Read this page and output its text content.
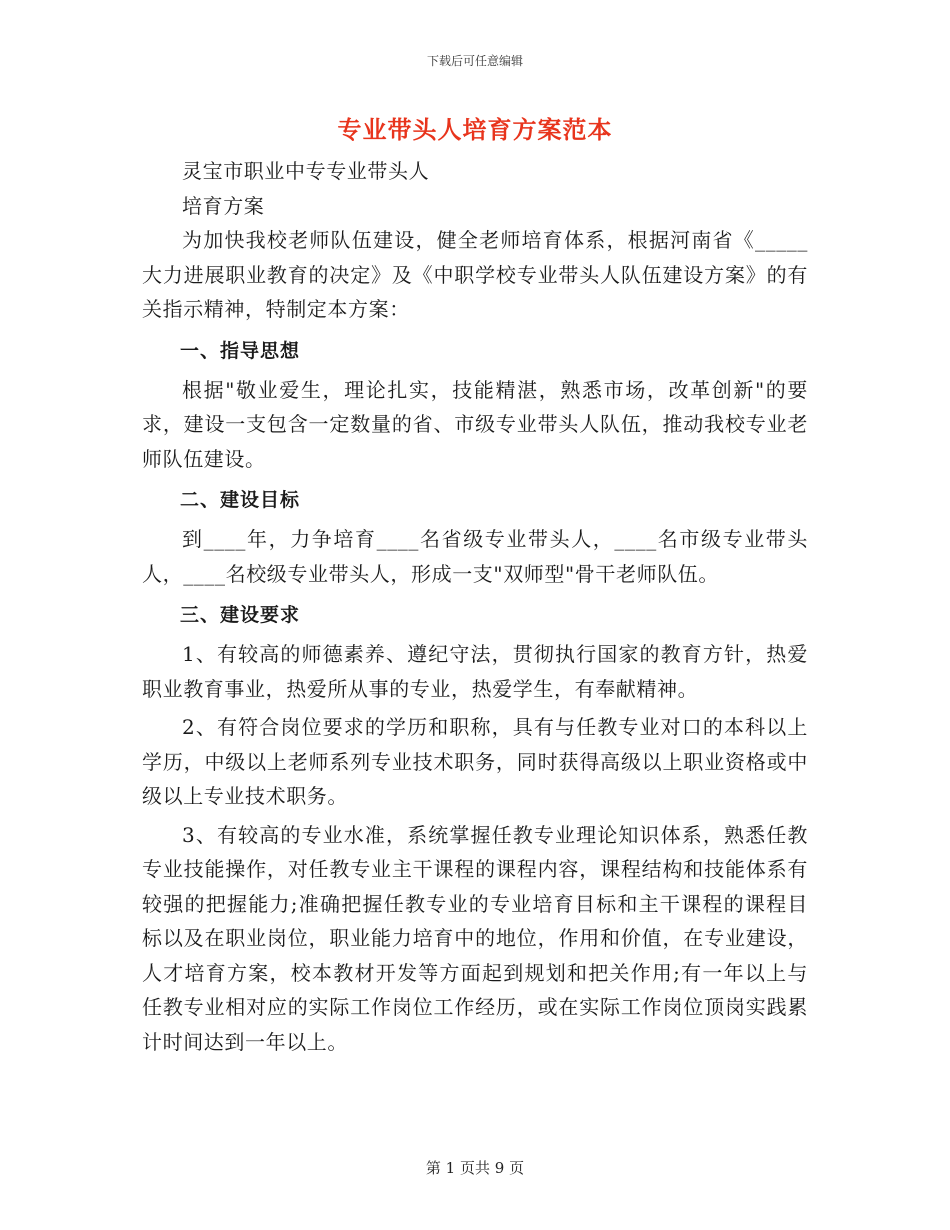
下载后可任意编辑
专业带头人培育方案范本

灵宝市职业中专专业带头人

培育方案

为加快我校老师队伍建设，健全老师培育体系，根据河南省《_____大力进展职业教育的决定》及《中职学校专业带头人队伍建设方案》的有关指示精神，特制定本方案：

一、指导思想

根据"敬业爱生，理论扎实，技能精湛，熟悉市场，改革创新"的要求，建设一支包含一定数量的省、市级专业带头人队伍，推动我校专业老师队伍建设。

二、建设目标

到____年，力争培育____名省级专业带头人，____名市级专业带头人，____名校级专业带头人，形成一支"双师型"骨干老师队伍。

三、建设要求

1、有较高的师德素养、遵纪守法，贯彻执行国家的教育方针，热爱职业教育事业，热爱所从事的专业，热爱学生，有奉献精神。

2、有符合岗位要求的学历和职称，具有与任教专业对口的本科以上学历，中级以上老师系列专业技术职务，同时获得高级以上职业资格或中级以上专业技术职务。

3、有较高的专业水准，系统掌握任教专业理论知识体系，熟悉任教专业技能操作，对任教专业主干课程的课程内容，课程结构和技能体系有较强的把握能力;准确把握任教专业的专业培育目标和主干课程的课程目标以及在职业岗位，职业能力培育中的地位，作用和价值，在专业建设，人才培育方案，校本教材开发等方面起到规划和把关作用;有一年以上与任教专业相对应的实际工作岗位工作经历，或在实际工作岗位顶岗实践累计时间达到一年以上。

第 1 页共 9 页
